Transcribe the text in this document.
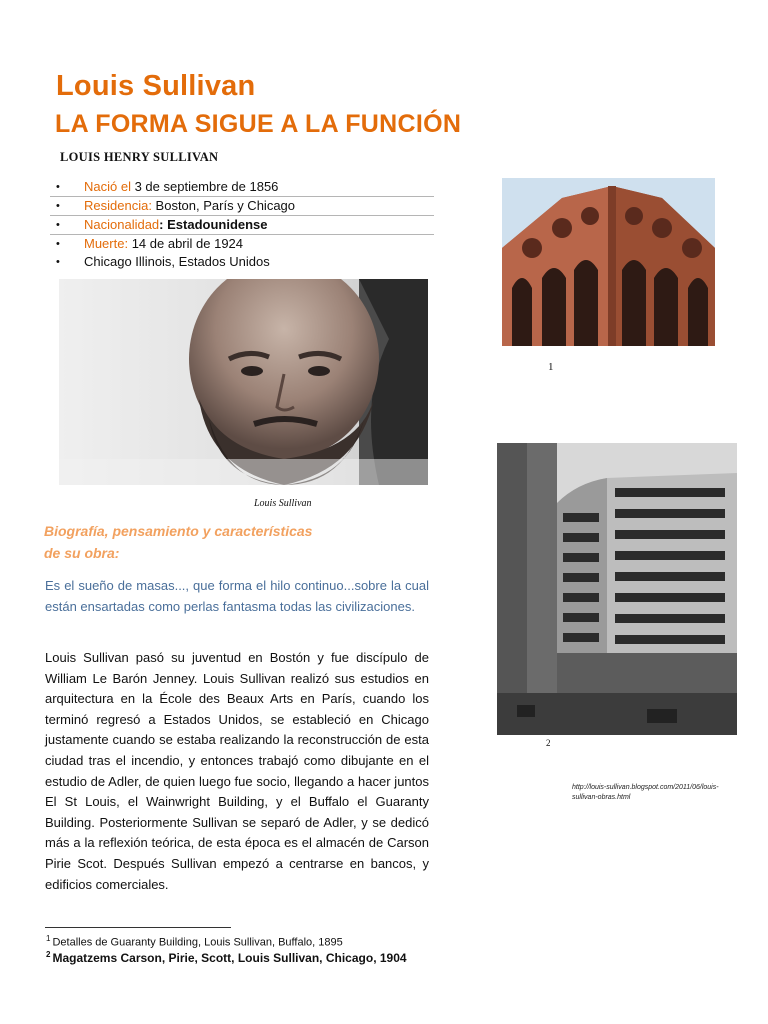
Louis Sullivan
LA FORMA SIGUE A LA FUNCIÓN
LOUIS HENRY SULLIVAN
• Nació el 3 de septiembre de 1856
• Residencia: Boston, París y Chicago
• Nacionalidad: Estadounidense
• Muerte: 14 de abril de 1924
• Chicago Illinois, Estados Unidos
Louis Sullivan
1
2
http://louis-sullivan.blogspot.com/2011/06/louis-sullivan-obras.html
Biografía, pensamiento y características de su obra:
Es el sueño de masas..., que forma el hilo continuo...sobre la cual están ensartadas como perlas fantasma todas las civilizaciones.
Louis Sullivan pasó su juventud en Bostón y fue discípulo de William Le Barón Jenney. Louis Sullivan realizó sus estudios en arquitectura en la École des Beaux Arts en París, cuando los terminó regresó a Estados Unidos, se estableció en Chicago justamente cuando se estaba realizando la reconstrucción de esta ciudad tras el incendio, y entonces trabajó como dibujante en el estudio de Adler, de quien luego fue socio, llegando a hacer juntos El St Louis, el Wainwright Building, y el Buffalo el Guaranty Building. Posteriormente Sullivan se separó de Adler, y se dedicó más a la reflexión teórica, de esta época es el almacén de Carson Pirie Scot. Después Sullivan empezó a centrarse en bancos, y edificios comerciales.
$^1$ Detalles de Guaranty Building, Louis Sullivan, Buffalo, 1895
$^2$ Magatzems Carson, Pirie, Scott, Louis Sullivan, Chicago, 1904
